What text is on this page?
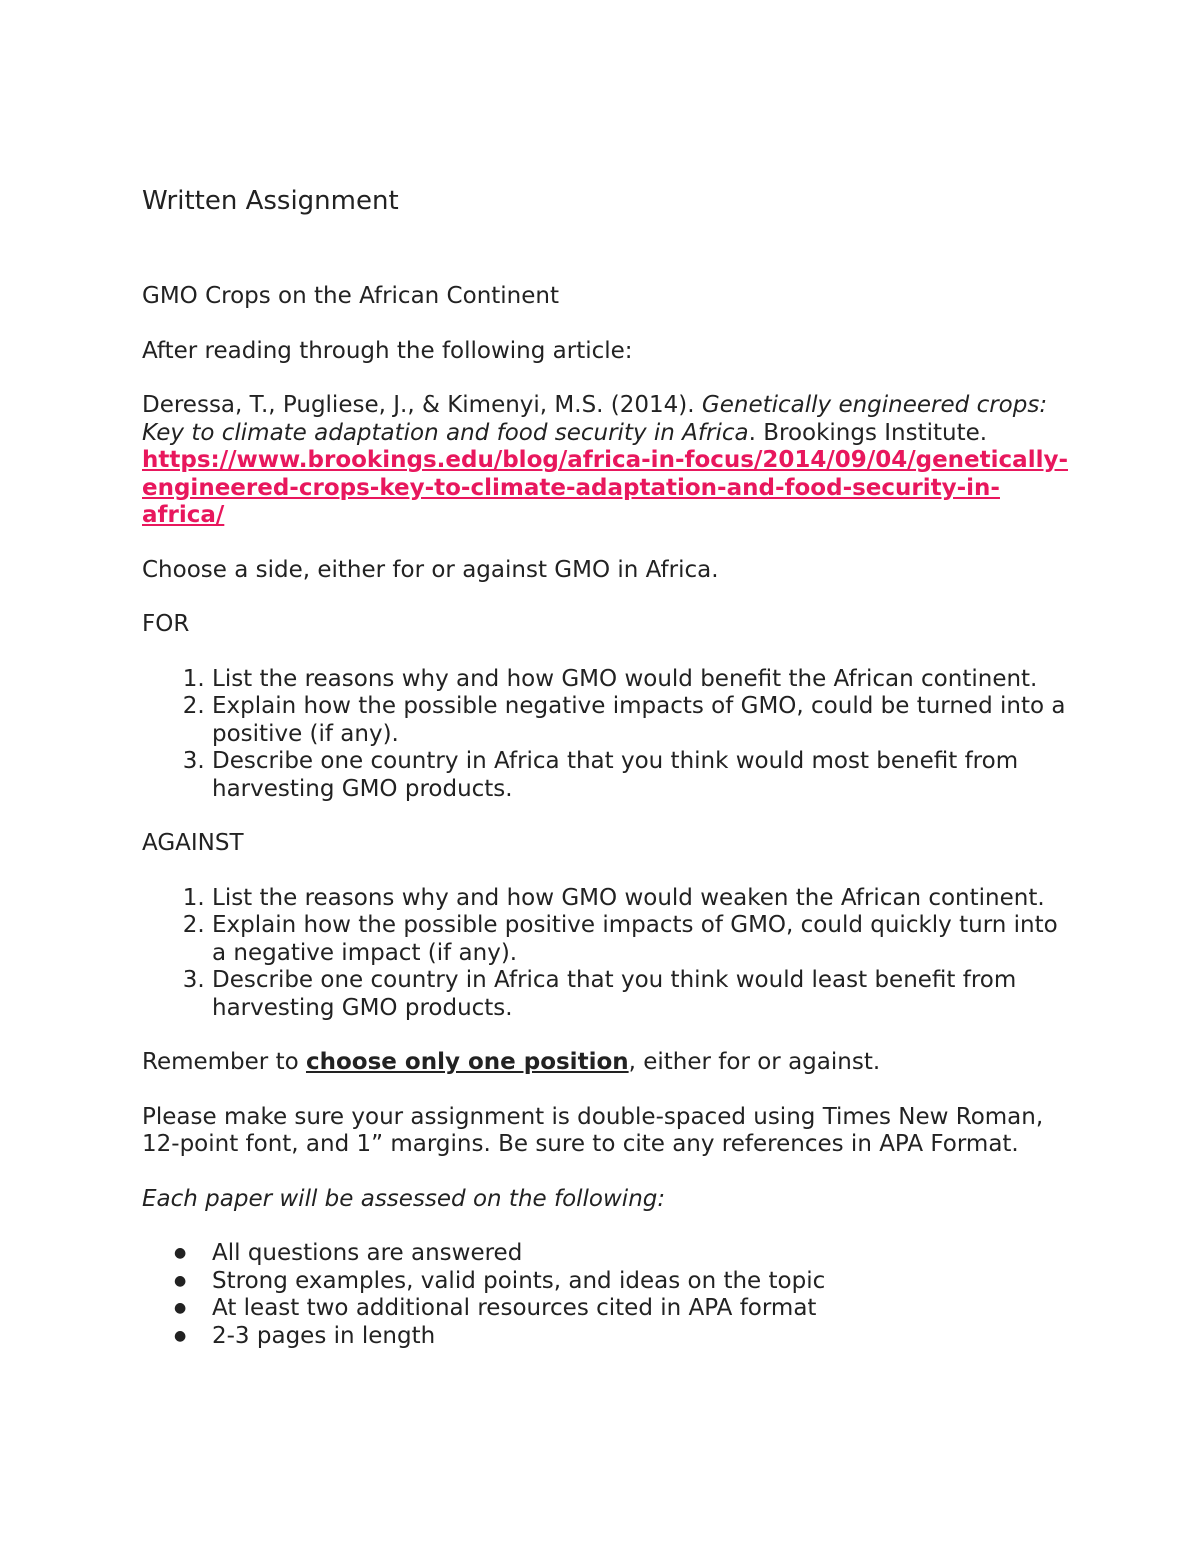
Written Assignment

GMO Crops on the African Continent

After reading through the following article:

Deressa, T., Pugliese, J., & Kimenyi, M.S. (2014). Genetically engineered crops: Key to climate adaptation and food security in Africa. Brookings Institute. https://www.brookings.edu/blog/africa-in-focus/2014/09/04/genetically-engineered-crops-key-to-climate-adaptation-and-food-security-in-africa/

Choose a side, either for or against GMO in Africa.

FOR

1. List the reasons why and how GMO would benefit the African continent.
2. Explain how the possible negative impacts of GMO, could be turned into a positive (if any).
3. Describe one country in Africa that you think would most benefit from harvesting GMO products.

AGAINST

1. List the reasons why and how GMO would weaken the African continent.
2. Explain how the possible positive impacts of GMO, could quickly turn into a negative impact (if any).
3. Describe one country in Africa that you think would least benefit from harvesting GMO products.

Remember to choose only one position, either for or against.

Please make sure your assignment is double-spaced using Times New Roman, 12-point font, and 1” margins. Be sure to cite any references in APA Format.

Each paper will be assessed on the following:

● All questions are answered
● Strong examples, valid points, and ideas on the topic
● At least two additional resources cited in APA format
● 2-3 pages in length
